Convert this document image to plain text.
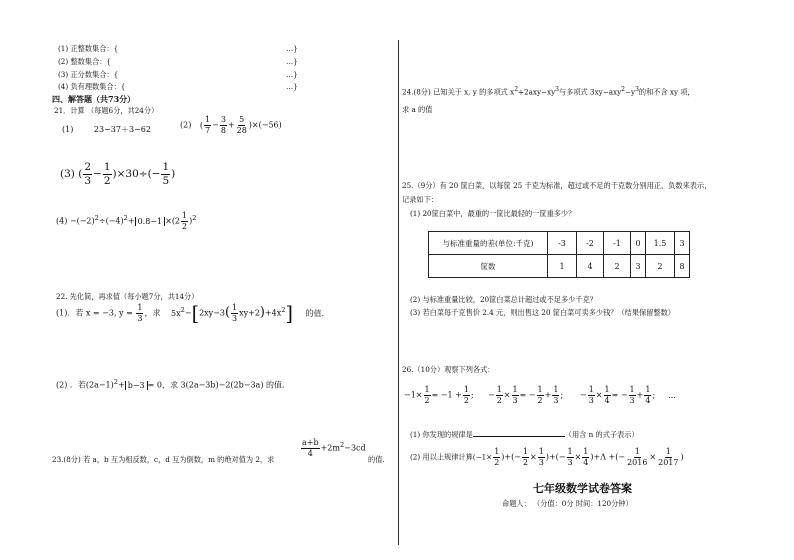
(1) 正整数集合：{	…}
(2) 整数集合：{	…}
(3) 正分数集合：{	…}
(4) 负有理数集合：{	…}
四、解答题（共73分）
21．计算 （每题6分，共24分）
(1)	23−37＋3−62	(2) ( $\frac{1}{7} - \frac{3}{8} + \frac{5}{28} )\times(-56)$
(3) ( $\frac{2}{3} - \frac{1}{2} )\times 30\div(- \frac{1}{5}$ )
$(4) -(-2)^2\div(-4)^2+ 0.8-1 \times(2 \frac{1}{2} )^2$
22. 先化简，再求值（每小题7分，共14分）
(1)．若 x = −3, $y = \frac{1}{3}$ ，求 $5x^2-[2xy-3( \frac{1}{3} xy+2)+4x^2]$ 的值.
(2) ．若$(2a-1)^2+ b-3 = 0$，求 3(2a−3b)−2(2b−3a) 的值.
23.(8分) 若 a，b 互为相反数，c，d 互为倒数，m 的绝对值为 2，求
$\frac{a+b}{4} +2m^2-3cd$
的值.
24.(8分) 已知关于 x, y 的多项式 $x^2+2axy-xy^3$与多项式 $3xy-axy^2-y^3$的和不含 xy 项，
求 a 的值
25.（9分）有 20 筐白菜，以每筐 25 千克为标准，超过或不足的千克数分别用正、负数来表示，
记录如下：
(1) 20筐白菜中，最重的一筐比最轻的一筐重多少？
与标准重量的差(单位:千克)	-3	-2	-1	0	1.5	3
筐数	1	4	2	3	2	8
(2) 与标准重量比较，20筐白菜总计超过或不足多少千克？
(3) 若白菜每千克售价 2.4 元，则出售这 20 筐白菜可卖多少钱？（结果保留整数）
26.（10分）观察下列各式：
$-1\times \frac{1}{2} = -1 + \frac{1}{2}$ ; − $\frac{1}{2} \times \frac{1}{3}$ = − $\frac{1}{2} + \frac{1}{3}$ ; − $\frac{1}{3} \times \frac{1}{4}$ = − $\frac{1}{3} + \frac{1}{4}$ ; …
(1) 你发现的规律是	（用含 n 的式子表示）
(2) 用以上规律计算($-1\times \frac{1}{2}$ )+(− $\frac{1}{2} \times \frac{1}{3}$ )+(− $\frac{1}{3} \times \frac{1}{4} )+\Lambda$ +(− $\frac{1}{2016} \times \frac{1}{2017}$ )
七年级数学试卷答案
命题人： （分值：0分 时间：120分钟）
